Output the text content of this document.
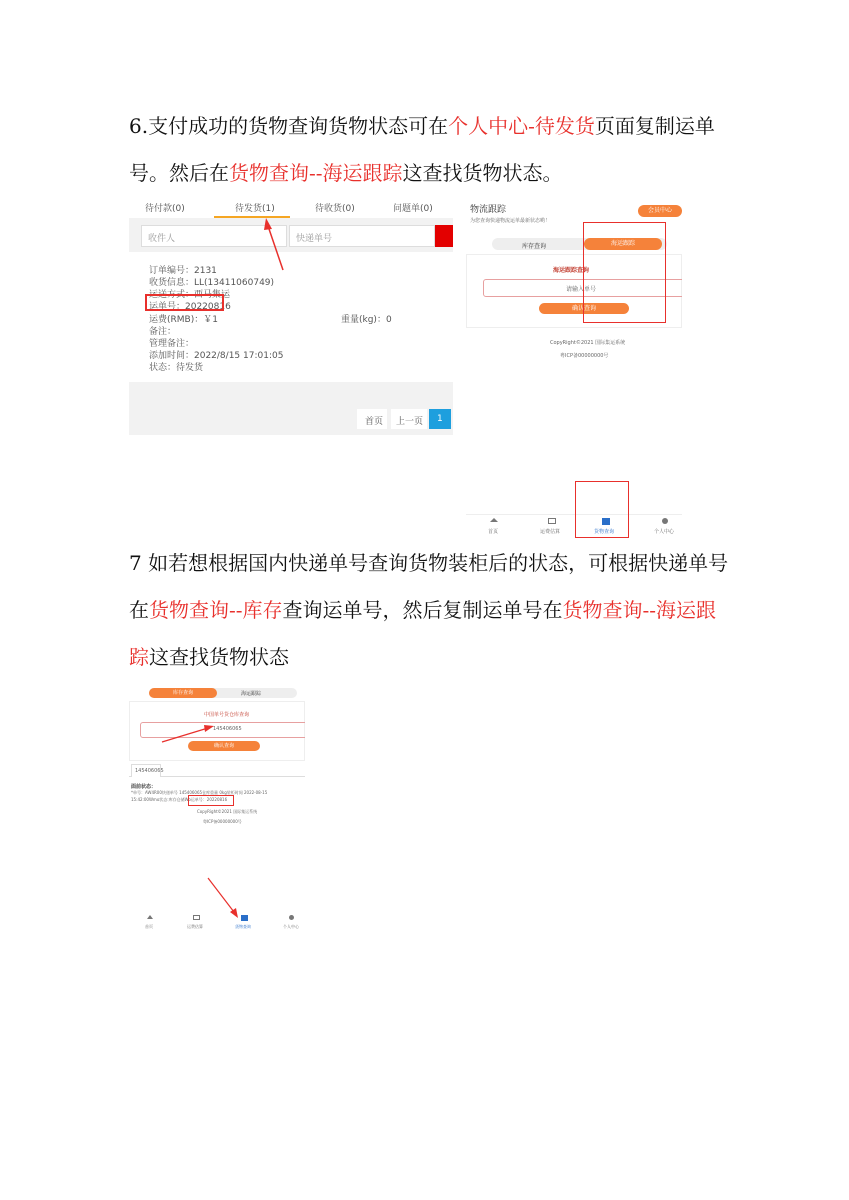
6.支付成功的货物查询货物状态可在个人中心-待发货页面复制运单
号。然后在货物查询--海运跟踪这查找货物状态。
待付款(0)	待发货(1)	待收货(0)	问题单(0)
收件人	快递单号
订单编号：2131
收货信息：LL(13411060749)
运送方式：西马集运
运单号：20220816
运费(RMB)：￥1	重量(kg)：0
备注：
管理备注：
添加时间：2022/8/15 17:01:05
状态：待发货
首页 上一页 1
物流跟踪
为您查询快递物流运单最新状态哟！
会员中心
库存查询	海运跟踪
海运跟踪查询
请输入单号
确认查询
CopyRight©2021 国际集运系统
粤ICP备00000000号
首页	运费估算	货物查询	个人中心
7 如若想根据国内快递单号查询货物装柜后的状态，可根据快递单号
在货物查询--库存查询运单号，然后复制运单号在货物查询--海运跟
踪这查找货物状态
库存查询	海运跟踪
中国单号货仓库查询
145406065
确认查询
145406065
面前状态：
*单号：AW4R00快递单号 145406065仓库重量 0kg装柜时间 2022-08-15
15:42:00Wmo状态:库存仓储Wo运单号：20220816
CopyRight©2021 国际集运系统
粤ICP备00000000号
首页	运费估算	货物查询	个人中心
